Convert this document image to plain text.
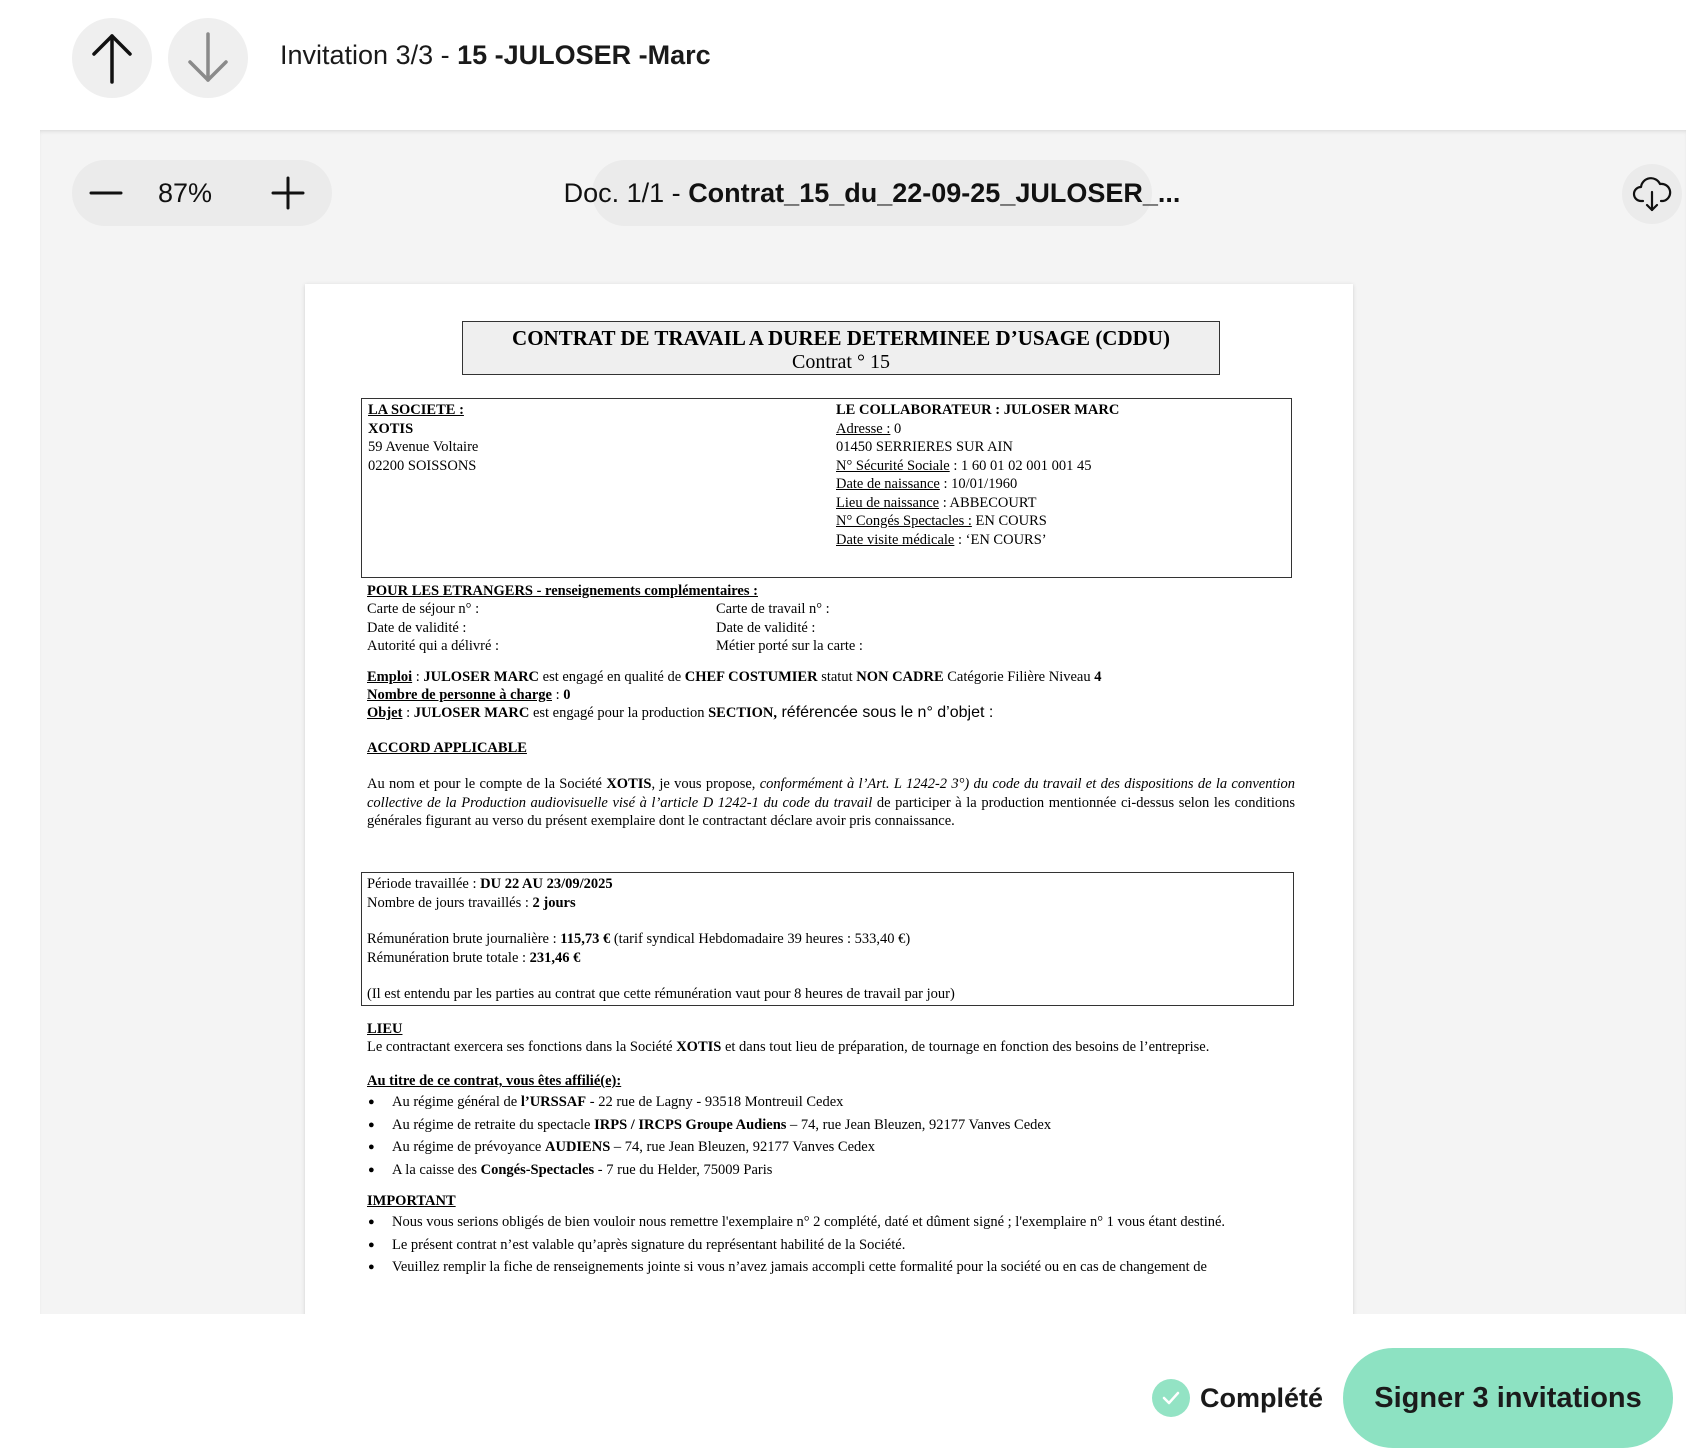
Invitation 3/3 - 15 -JULOSER -Marc
87%	Doc. 1/1 -
Contrat_15_du_22-09-25_JULOSER_...
CONTRAT DE TRAVAIL A DUREE DETERMINEE D’USAGE (CDDU)
Contrat ° 15
LA SOCIETE :
XOTIS
59 Avenue Voltaire
02200 SOISSONS
LE COLLABORATEUR : JULOSER MARC
Adresse : 0
01450 SERRIERES SUR AIN
N° Sécurité Sociale : 1 60 01 02 001 001 45
Date de naissance : 10/01/1960
Lieu de naissance : ABBECOURT
N° Congés Spectacles : EN COURS
Date visite médicale : ‘EN COURS’
POUR LES ETRANGERS - renseignements complémentaires :
Carte de séjour n° :	Carte de travail n° :
Date de validité :	Date de validité :
Autorité qui a délivré :	Métier porté sur la carte :
Emploi : JULOSER MARC est engagé en qualité de CHEF COSTUMIER statut NON CADRE Catégorie Filière Niveau 4
Nombre de personne à charge : 0
Objet : JULOSER MARC est engagé pour la production SECTION, référencée sous le n° d’objet :
ACCORD APPLICABLE
Au nom et pour le compte de la Société XOTIS, je vous propose, conformément à l’Art. L 1242-2 3°) du code du travail et des dispositions de la convention collective de la Production audiovisuelle visé à l’article D 1242-1 du code du travail de participer à la production mentionnée ci-dessus selon les conditions générales figurant au verso du présent exemplaire dont le contractant déclare avoir pris connaissance.
Période travaillée : DU 22 AU 23/09/2025
Nombre de jours travaillés : 2 jours
Rémunération brute journalière : 115,73 € (tarif syndical Hebdomadaire 39 heures : 533,40 €)
Rémunération brute totale : 231,46 €
(Il est entendu par les parties au contrat que cette rémunération vaut pour 8 heures de travail par jour)
LIEU
Le contractant exercera ses fonctions dans la Société XOTIS et dans tout lieu de préparation, de tournage en fonction des besoins de l’entreprise.
Au titre de ce contrat, vous êtes affilié(e):
● Au régime général de l’URSSAF - 22 rue de Lagny - 93518 Montreuil Cedex
● Au régime de retraite du spectacle IRPS / IRCPS Groupe Audiens – 74, rue Jean Bleuzen, 92177 Vanves Cedex
● Au régime de prévoyance AUDIENS – 74, rue Jean Bleuzen, 92177 Vanves Cedex
● A la caisse des Congés-Spectacles - 7 rue du Helder, 75009 Paris
IMPORTANT
● Nous vous serions obligés de bien vouloir nous remettre l'exemplaire n° 2 complété, daté et dûment signé ; l'exemplaire n° 1 vous étant destiné.
● Le présent contrat n’est valable qu’après signature du représentant habilité de la Société.
● Veuillez remplir la fiche de renseignements jointe si vous n’avez jamais accompli cette formalité pour la société ou en cas de changement de
Complété	Signer 3 invitations
